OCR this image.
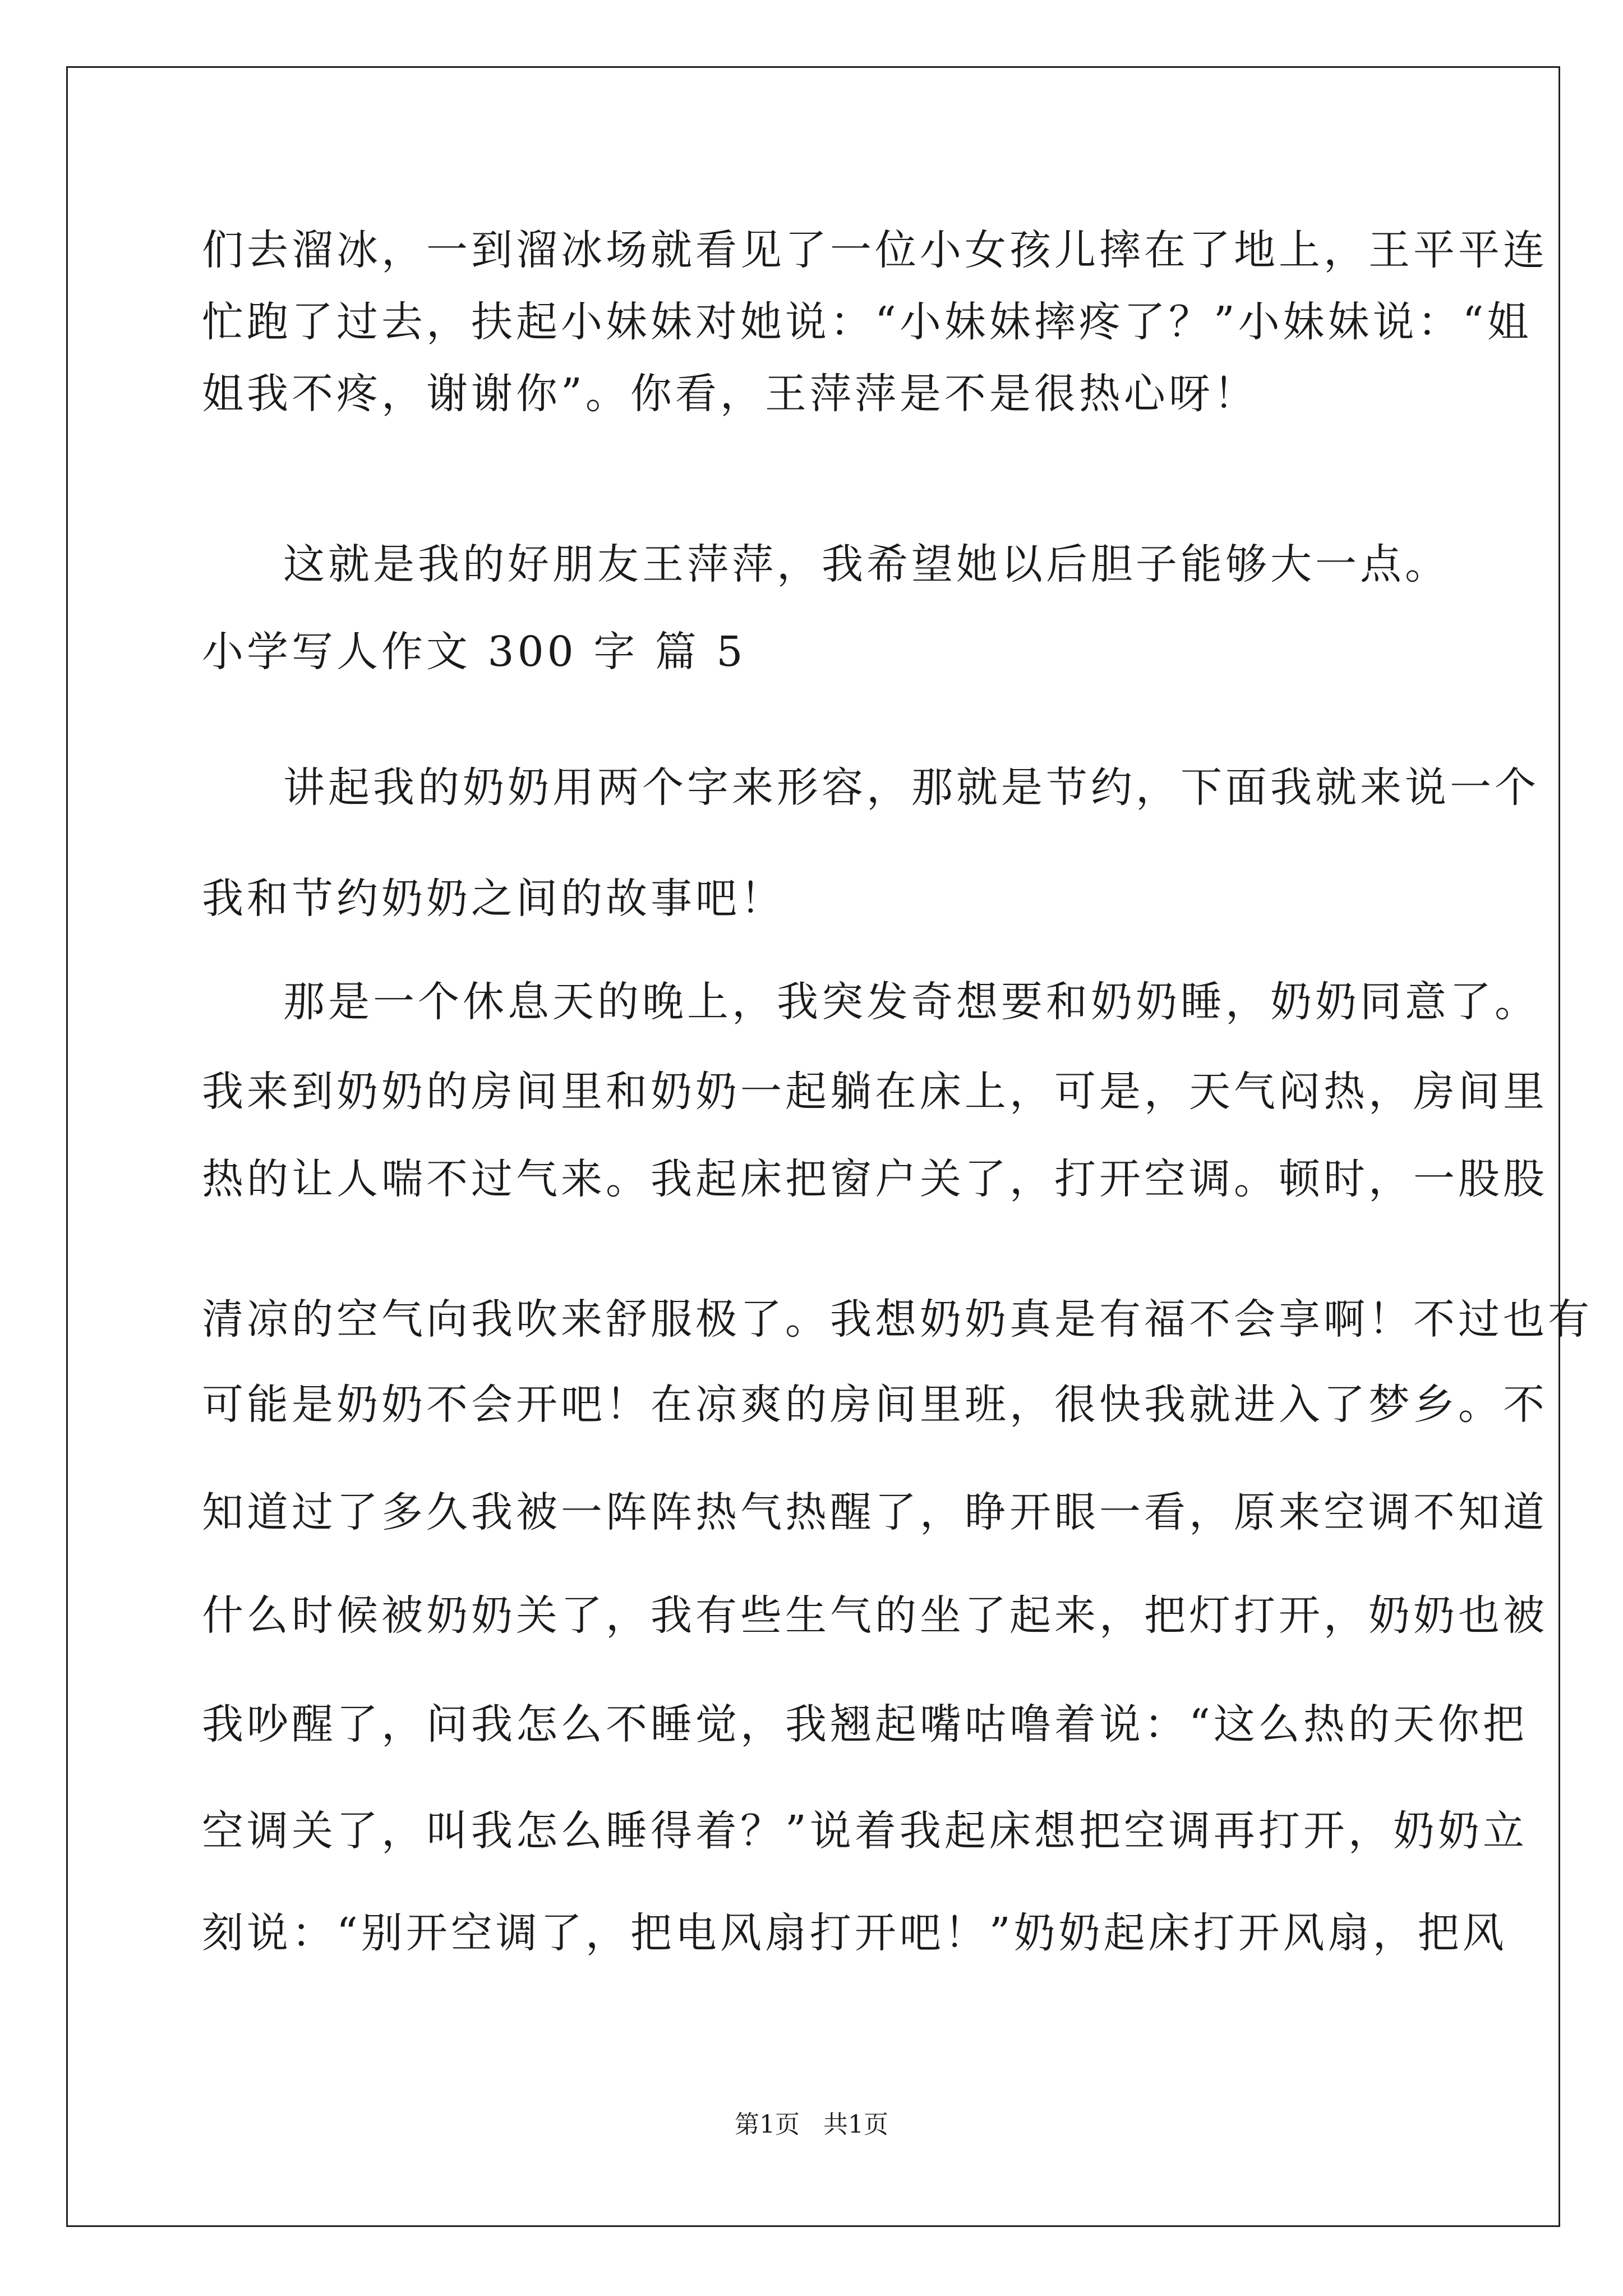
们去溜冰，一到溜冰场就看见了一位小女孩儿摔在了地上，王平平连
忙跑了过去，扶起小妹妹对她说：“小妹妹摔疼了？”小妹妹说：“姐
姐我不疼，谢谢你”。你看，王萍萍是不是很热心呀！
这就是我的好朋友王萍萍，我希望她以后胆子能够大一点。
小学写人作文 300 字 篇 5
讲起我的奶奶用两个字来形容，那就是节约，下面我就来说一个
我和节约奶奶之间的故事吧！
那是一个休息天的晚上，我突发奇想要和奶奶睡，奶奶同意了。
我来到奶奶的房间里和奶奶一起躺在床上，可是，天气闷热，房间里
热的让人喘不过气来。我起床把窗户关了，打开空调。顿时，一股股
清凉的空气向我吹来舒服极了。我想奶奶真是有福不会享啊！不过也有
可能是奶奶不会开吧！在凉爽的房间里班，很快我就进入了梦乡。不
知道过了多久我被一阵阵热气热醒了，睁开眼一看，原来空调不知道
什么时候被奶奶关了，我有些生气的坐了起来，把灯打开，奶奶也被
我吵醒了，问我怎么不睡觉，我翘起嘴咕噜着说：“这么热的天你把
空调关了，叫我怎么睡得着？”说着我起床想把空调再打开，奶奶立
刻说：“别开空调了，把电风扇打开吧！”奶奶起床打开风扇，把风
第1页   共1页
